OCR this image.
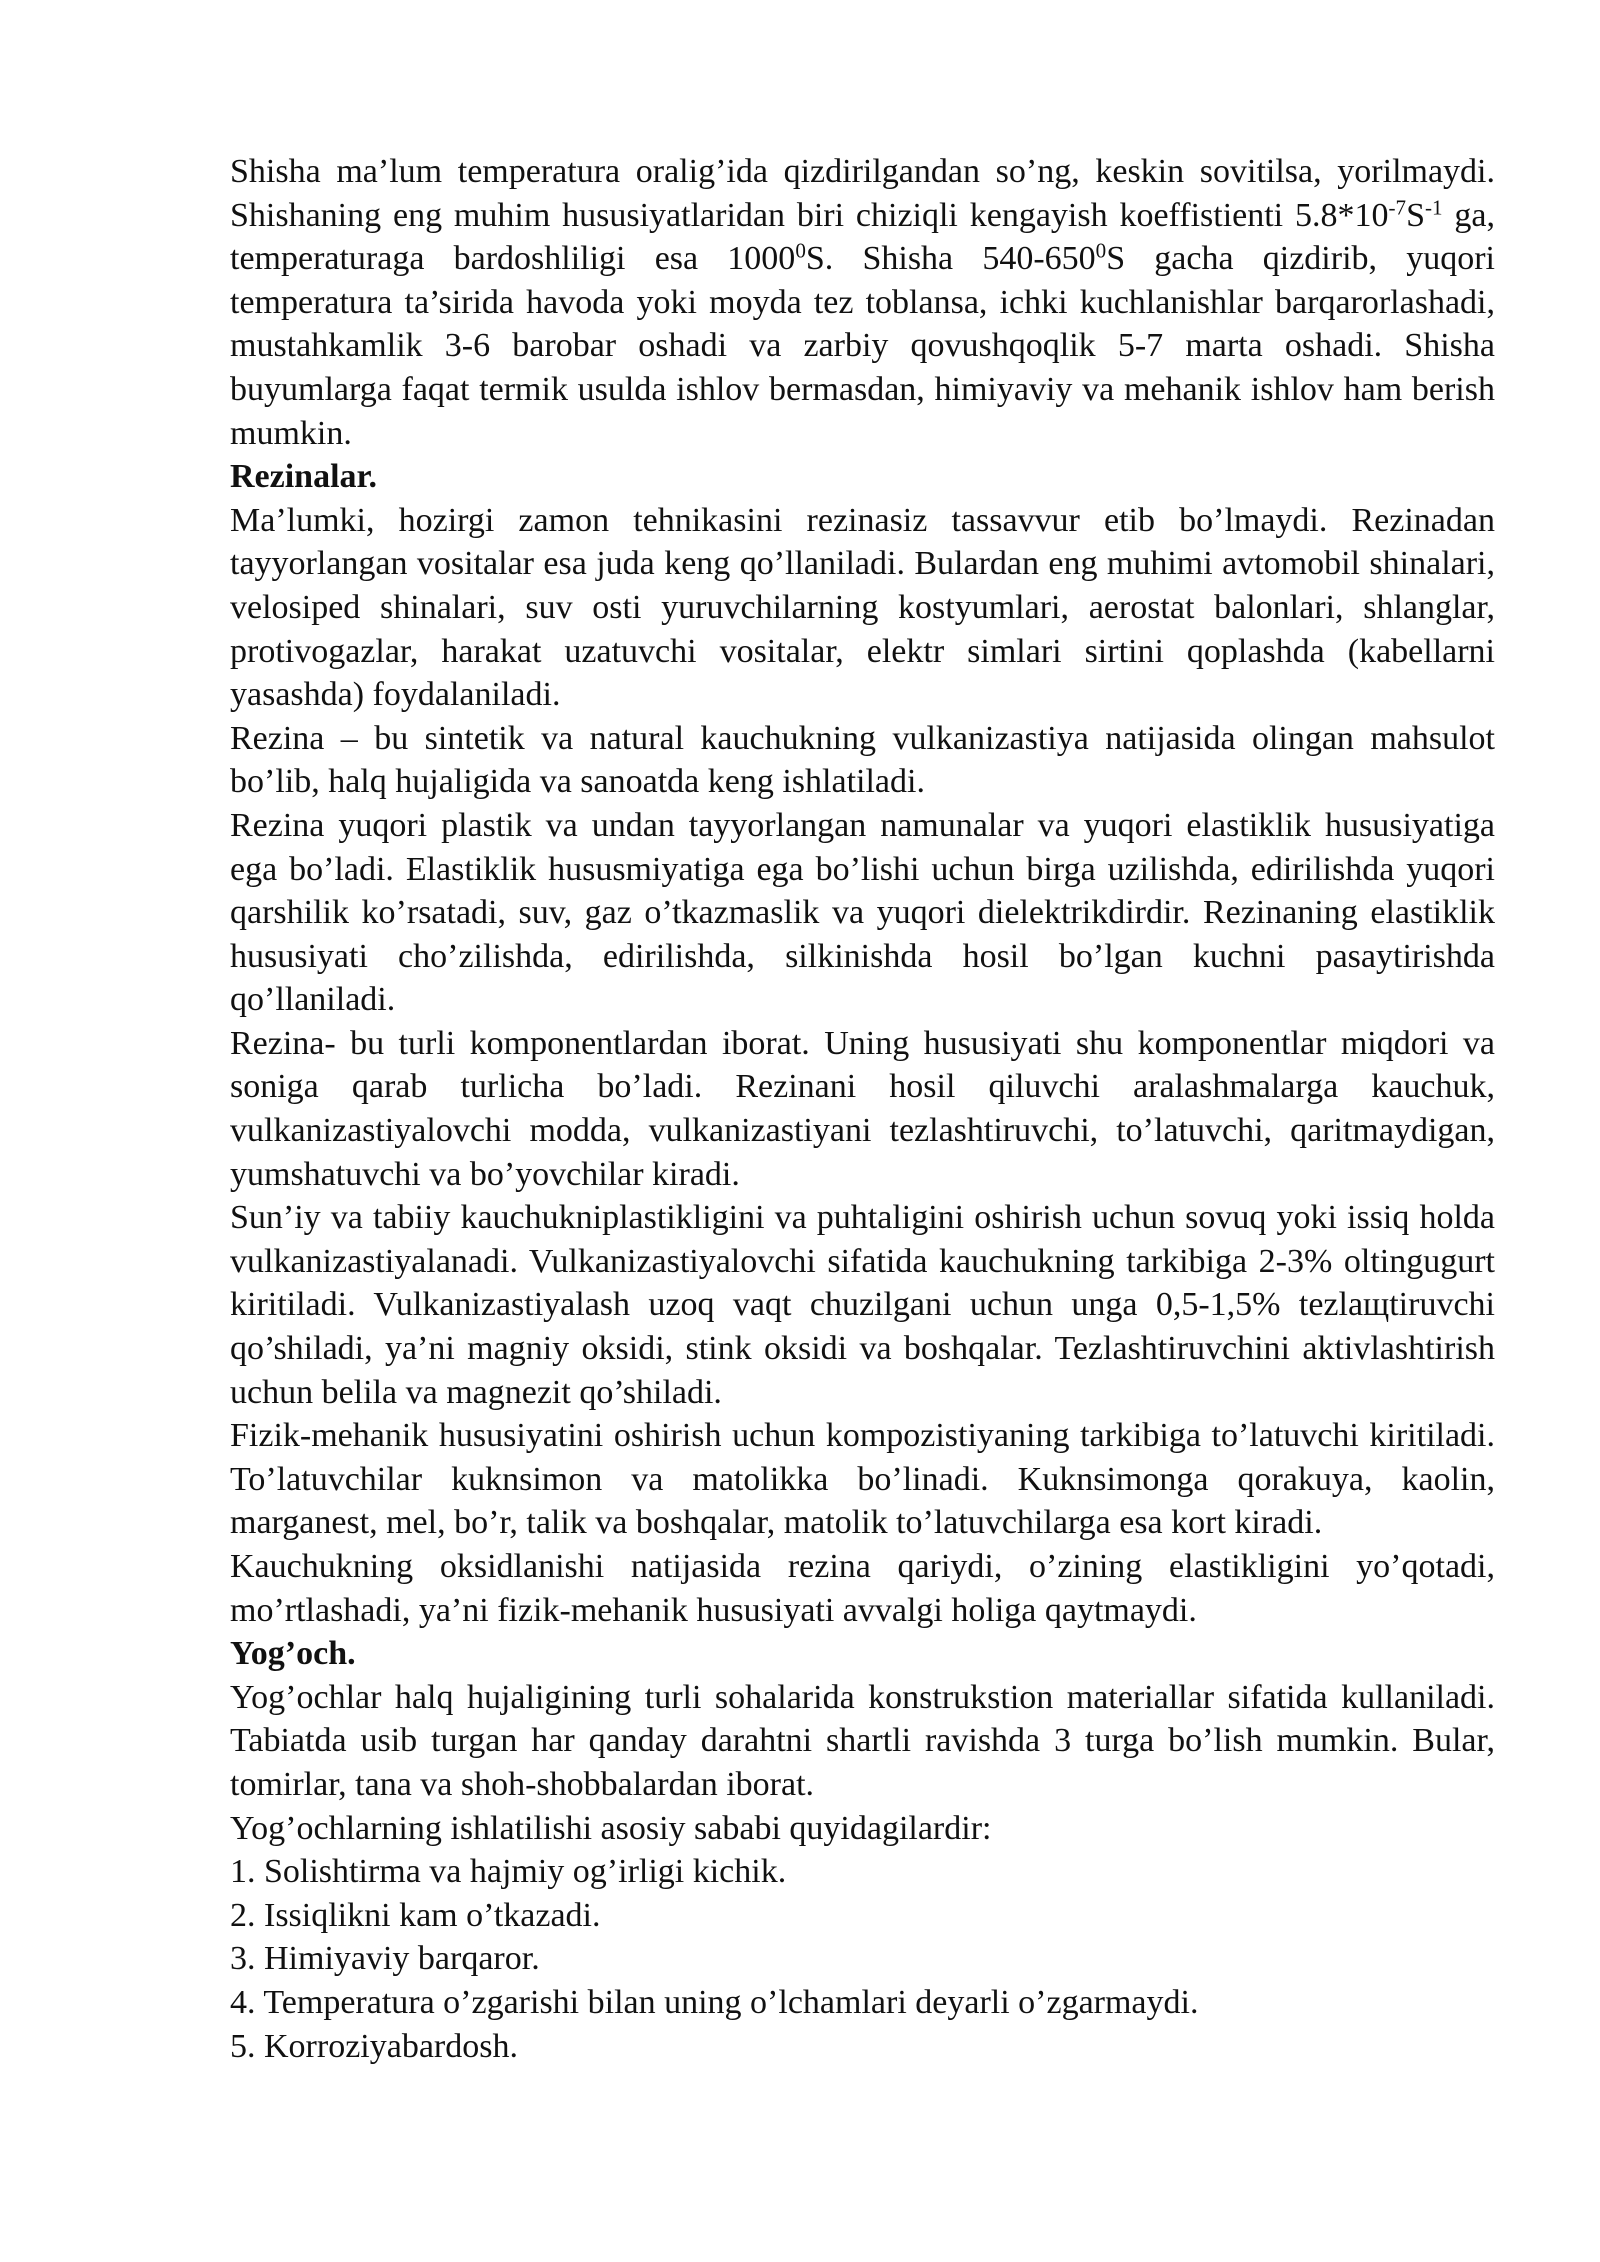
Shisha ma’lum temperatura oralig’ida qizdirilgandan so’ng, keskin sovitilsa, yorilmaydi. Shishaning eng muhim hususiyatlaridan biri chiziqli kengayish koeffistienti $5.8*10^{-7}S^{-1}$ ga, temperaturaga bardoshliligi esa 1000$^0$S. Shisha $540-650^0S$ gacha qizdirib, yuqori temperatura ta’sirida havoda yoki moyda tez toblansa, ichki kuchlanishlar barqarorlashadi, mustahkamlik 3-6 barobar oshadi va zarbiy qovushqoqlik 5-7 marta oshadi. Shisha buyumlarga faqat termik usulda ishlov bermasdan, himiyaviy va mehanik ishlov ham berish mumkin.

Rezinalar.

Ma’lumki, hozirgi zamon tehnikasini rezinasiz tassavvur etib bo’lmaydi. Rezinadan tayyorlangan vositalar esa juda keng qo’llaniladi. Bulardan eng muhimi avtomobil shinalari, velosiped shinalari, suv osti yuruvchilarning kostyumlari, aerostat balonlari, shlanglar, protivogazlar, harakat uzatuvchi vositalar, elektr simlari sirtini qoplashda (kabellarni yasashda) foydalaniladi.

Rezina – bu sintetik va natural kauchukning vulkanizastiya natijasida olingan mahsulot bo’lib, halq hujaligida va sanoatda keng ishlatiladi.

Rezina yuqori plastik va undan tayyorlangan namunalar va yuqori elastiklik hususiyatiga ega bo’ladi. Elastiklik hususmiyatiga ega bo’lishi uchun birga uzilishda, edirilishda yuqori qarshilik ko’rsatadi, suv, gaz o’tkazmaslik va yuqori dielektrikdirdir. Rezinaning elastiklik hususiyati cho’zilishda, edirilishda, silkinishda hosil bo’lgan kuchni pasaytirishda qo’llaniladi.

Rezina- bu turli komponentlardan iborat. Uning hususiyati shu komponentlar miqdori va soniga qarab turlicha bo’ladi. Rezinani hosil qiluvchi aralashmalarga kauchuk, vulkanizastiyalovchi modda, vulkanizastiyani tezlashtiruvchi, to’latuvchi, qaritmaydigan, yumshatuvchi va bo’yovchilar kiradi.

Sun’iy va tabiiy kauchukniplastikligini va puhtaligini oshirish uchun sovuq yoki issiq holda vulkanizastiyalanadi. Vulkanizastiyalovchi sifatida kauchukning tarkibiga 2-3% oltingugurt kiritiladi. Vulkanizastiyalash uzoq vaqt chuzilgani uchun unga 0,5-1,5% tezlaщtiruvchi qo’shiladi, ya’ni magniy oksidi, stink oksidi va boshqalar. Tezlashtiruvchini aktivlashtirish uchun belila va magnezit qo’shiladi.

Fizik-mehanik hususiyatini oshirish uchun kompozistiyaning tarkibiga to’latuvchi kiritiladi. To’latuvchilar kuknsimon va matolikka bo’linadi. Kuknsimonga qorakuya, kaolin, marganest, mel, bo’r, talik va boshqalar, matolik to’latuvchilarga esa kort kiradi.

Kauchukning oksidlanishi natijasida rezina qariydi, o’zining elastikligini yo’qotadi, mo’rtlashadi, ya’ni fizik-mehanik hususiyati avvalgi holiga qaytmaydi.

Yog’och.

Yog’ochlar halq hujaligining turli sohalarida konstrukstion materiallar sifatida kullaniladi. Tabiatda usib turgan har qanday darahtni shartli ravishda 3 turga bo’lish mumkin. Bular, tomirlar, tana va shoh-shobbalardan iborat.

Yog’ochlarning ishlatilishi asosiy sababi quyidagilardir:

1. Solishtirma va hajmiy og’irligi kichik.

2. Issiqlikni kam o’tkazadi.

3. Himiyaviy barqaror.

4. Temperatura o’zgarishi bilan uning o’lchamlari deyarli o’zgarmaydi.

5. Korroziyabardosh.
